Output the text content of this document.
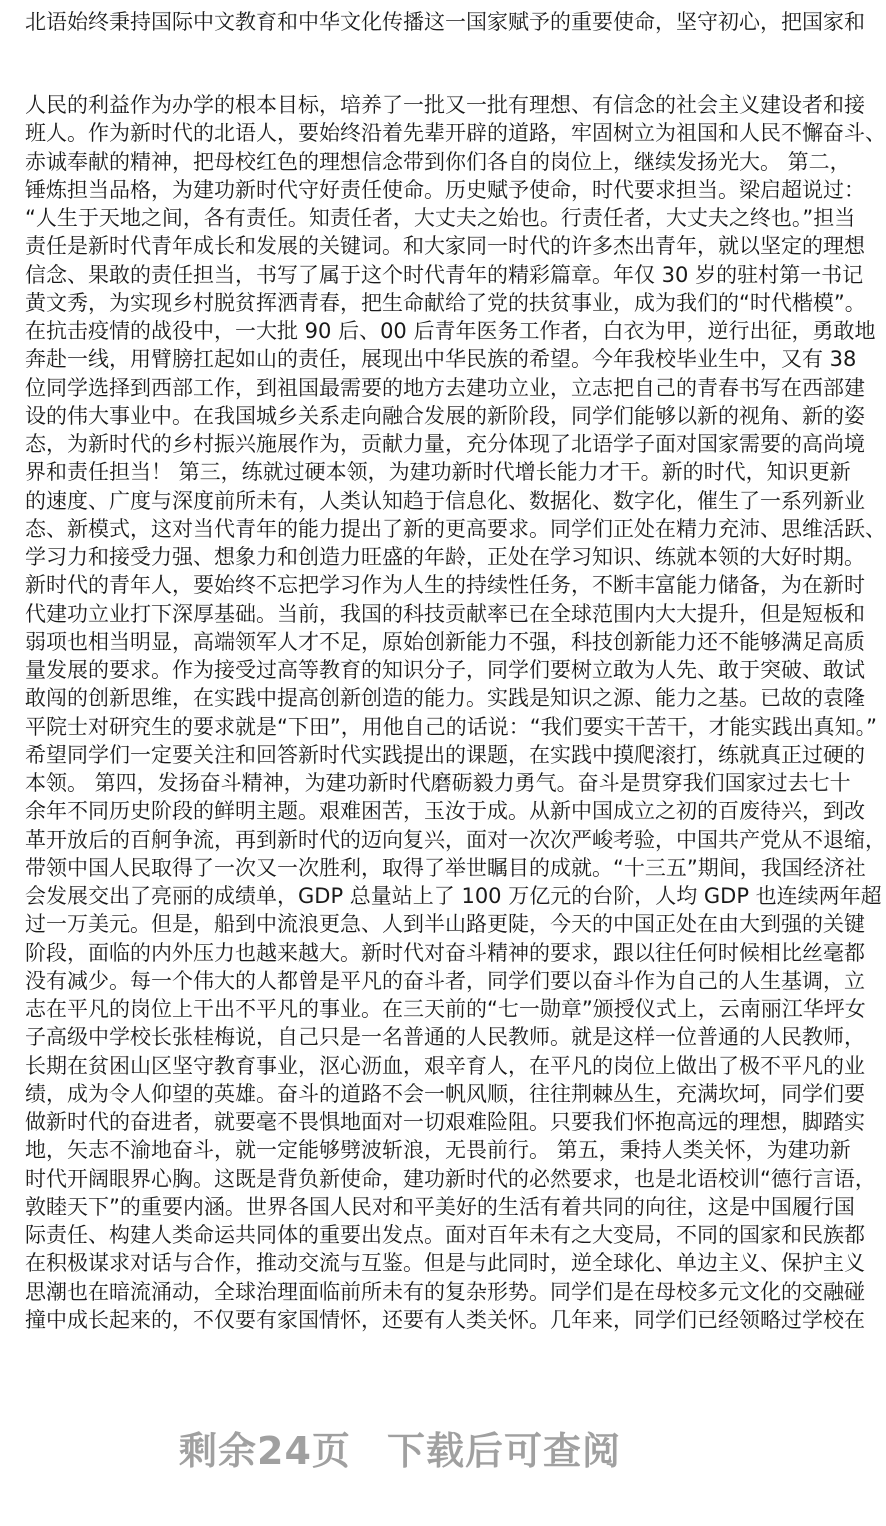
北语始终秉持国际中文教育和中华文化传播这一国家赋予的重要使命，坚守初心，把国家和
人民的利益作为办学的根本目标，培养了一批又一批有理想、有信念的社会主义建设者和接
班人。作为新时代的北语人，要始终沿着先辈开辟的道路，牢固树立为祖国和人民不懈奋斗、
赤诚奉献的精神，把母校红色的理想信念带到你们各自的岗位上，继续发扬光大。 第二，
锤炼担当品格，为建功新时代守好责任使命。历史赋予使命，时代要求担当。梁启超说过：
“人生于天地之间，各有责任。知责任者，大丈夫之始也。行责任者，大丈夫之终也。”担当
责任是新时代青年成长和发展的关键词。和大家同一时代的许多杰出青年，就以坚定的理想
信念、果敢的责任担当，书写了属于这个时代青年的精彩篇章。年仅 30 岁的驻村第一书记
黄文秀，为实现乡村脱贫挥洒青春，把生命献给了党的扶贫事业，成为我们的“时代楷模”。
在抗击疫情的战役中，一大批 90 后、00 后青年医务工作者，白衣为甲，逆行出征，勇敢地
奔赴一线，用臂膀扛起如山的责任，展现出中华民族的希望。今年我校毕业生中，又有 38
位同学选择到西部工作，到祖国最需要的地方去建功立业，立志把自己的青春书写在西部建
设的伟大事业中。在我国城乡关系走向融合发展的新阶段，同学们能够以新的视角、新的姿
态，为新时代的乡村振兴施展作为，贡献力量，充分体现了北语学子面对国家需要的高尚境
界和责任担当！ 第三，练就过硬本领，为建功新时代增长能力才干。新的时代，知识更新
的速度、广度与深度前所未有，人类认知趋于信息化、数据化、数字化，催生了一系列新业
态、新模式，这对当代青年的能力提出了新的更高要求。同学们正处在精力充沛、思维活跃、
学习力和接受力强、想象力和创造力旺盛的年龄，正处在学习知识、练就本领的大好时期。
新时代的青年人，要始终不忘把学习作为人生的持续性任务，不断丰富能力储备，为在新时
代建功立业打下深厚基础。当前，我国的科技贡献率已在全球范围内大大提升，但是短板和
弱项也相当明显，高端领军人才不足，原始创新能力不强，科技创新能力还不能够满足高质
量发展的要求。作为接受过高等教育的知识分子，同学们要树立敢为人先、敢于突破、敢试
敢闯的创新思维，在实践中提高创新创造的能力。实践是知识之源、能力之基。已故的袁隆
平院士对研究生的要求就是“下田”，用他自己的话说：“我们要实干苦干，才能实践出真知。”
希望同学们一定要关注和回答新时代实践提出的课题，在实践中摸爬滚打，练就真正过硬的
本领。 第四，发扬奋斗精神，为建功新时代磨砺毅力勇气。奋斗是贯穿我们国家过去七十
余年不同历史阶段的鲜明主题。艰难困苦，玉汝于成。从新中国成立之初的百废待兴，到改
革开放后的百舸争流，再到新时代的迈向复兴，面对一次次严峻考验，中国共产党从不退缩，
带领中国人民取得了一次又一次胜利，取得了举世瞩目的成就。“十三五”期间，我国经济社
会发展交出了亮丽的成绩单，GDP 总量站上了 100 万亿元的台阶，人均 GDP 也连续两年超
过一万美元。但是，船到中流浪更急、人到半山路更陡，今天的中国正处在由大到强的关键
阶段，面临的内外压力也越来越大。新时代对奋斗精神的要求，跟以往任何时候相比丝毫都
没有减少。每一个伟大的人都曾是平凡的奋斗者，同学们要以奋斗作为自己的人生基调，立
志在平凡的岗位上干出不平凡的事业。在三天前的“七一勋章”颁授仪式上，云南丽江华坪女
子高级中学校长张桂梅说，自己只是一名普通的人民教师。就是这样一位普通的人民教师，
长期在贫困山区坚守教育事业，沤心沥血，艰辛育人，在平凡的岗位上做出了极不平凡的业
绩，成为令人仰望的英雄。奋斗的道路不会一帆风顺，往往荆棘丛生，充满坎坷，同学们要
做新时代的奋进者，就要毫不畏惧地面对一切艰难险阻。只要我们怀抱高远的理想，脚踏实
地，矢志不渝地奋斗，就一定能够劈波斩浪，无畏前行。 第五，秉持人类关怀，为建功新
时代开阔眼界心胸。这既是背负新使命，建功新时代的必然要求，也是北语校训“德行言语，
敦睦天下”的重要内涵。世界各国人民对和平美好的生活有着共同的向往，这是中国履行国
际责任、构建人类命运共同体的重要出发点。面对百年未有之大变局，不同的国家和民族都
在积极谋求对话与合作，推动交流与互鉴。但是与此同时，逆全球化、单边主义、保护主义
思潮也在暗流涌动，全球治理面临前所未有的复杂形势。同学们是在母校多元文化的交融碰
撞中成长起来的，不仅要有家国情怀，还要有人类关怀。几年来，同学们已经领略过学校在
剩余24页 下载后可查阅
